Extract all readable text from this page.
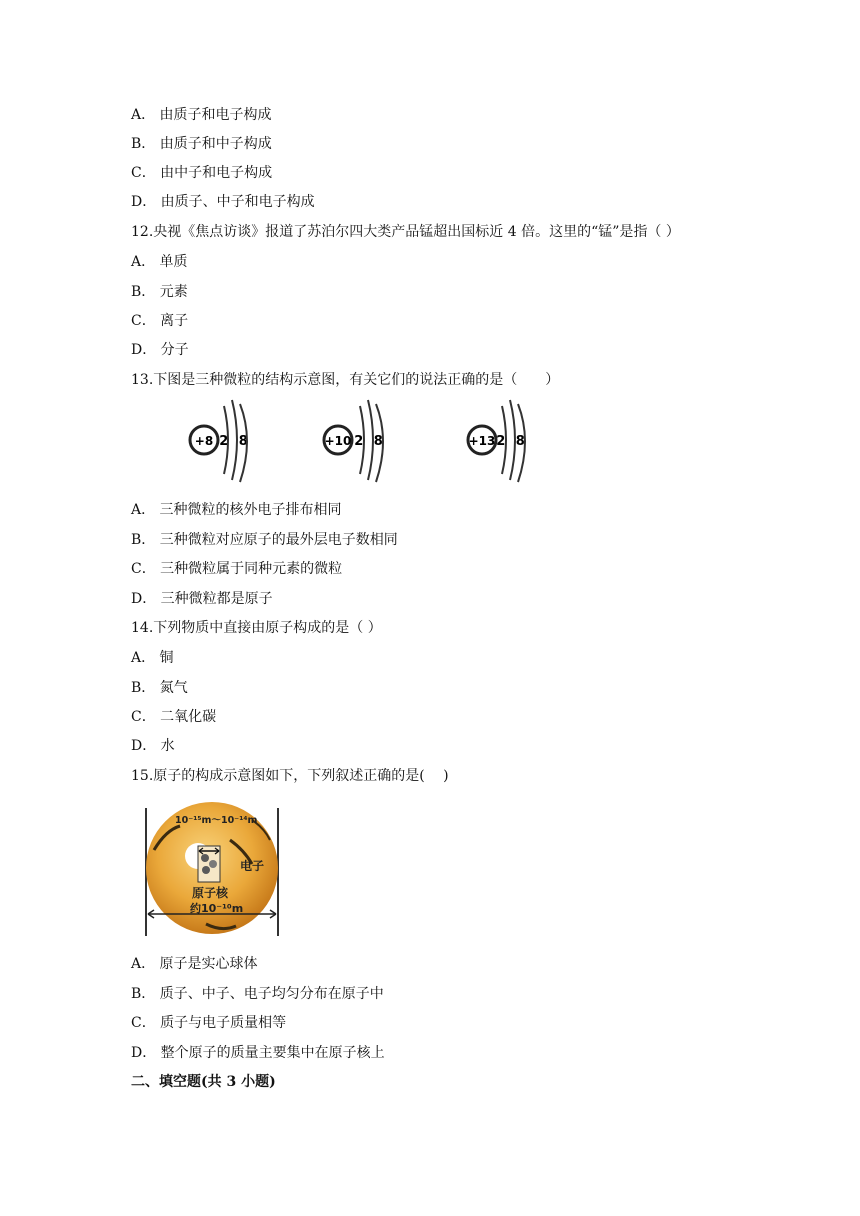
A． 由质子和电子构成
B． 由质子和中子构成
C． 由中子和电子构成
D． 由质子、中子和电子构成
12.央视《焦点访谈》报道了苏泊尔四大类产品锰超出国标近 4 倍。这里的“锰”是指（ ）
A． 单质
B． 元素
C． 离子
D． 分子
13.下图是三种微粒的结构示意图，有关它们的说法正确的是（　　）
+8 2 8	+10 2 8	+13 2 8
A． 三种微粒的核外电子排布相同
B． 三种微粒对应原子的最外层电子数相同
C． 三种微粒属于同种元素的微粒
D． 三种微粒都是原子
14.下列物质中直接由原子构成的是（ ）
A． 铜
B． 氮气
C． 二氧化碳
D． 水
15.原子的构成示意图如下，下列叙述正确的是(　 )
10⁻¹⁵m～10⁻¹⁴m
电子
原子核
约10⁻¹⁰m
A． 原子是实心球体
B． 质子、中子、电子均匀分布在原子中
C． 质子与电子质量相等
D． 整个原子的质量主要集中在原子核上
二、填空题(共 3 小题)
